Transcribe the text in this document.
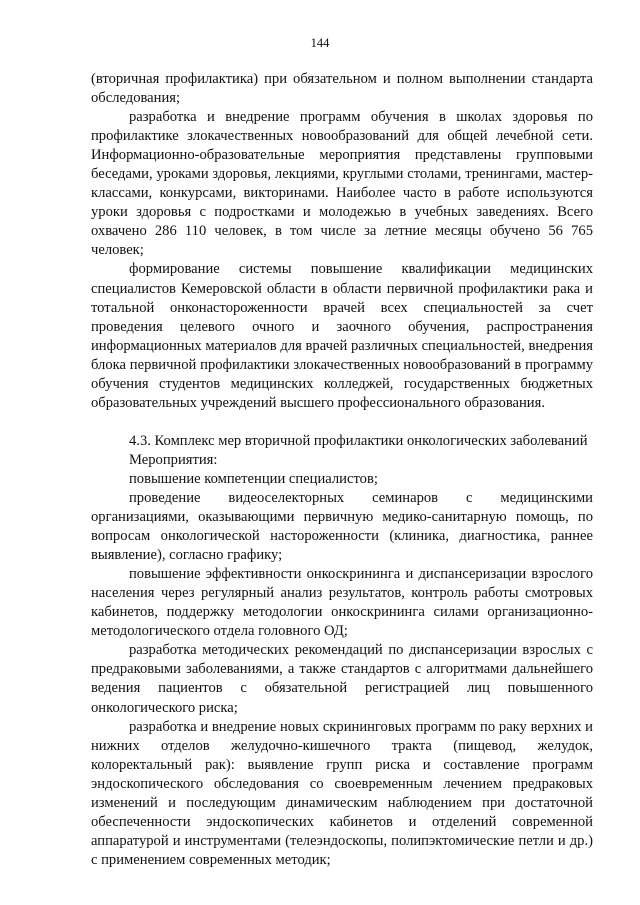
144

(вторичная профилактика) при обязательном и полном выполнении стандарта обследования;

разработка и внедрение программ обучения в школах здоровья по профилактике злокачественных новообразований для общей лечебной сети. Информационно-образовательные мероприятия представлены групповыми беседами, уроками здоровья, лекциями, круглыми столами, тренингами, мастер-классами, конкурсами, викторинами. Наиболее часто в работе используются уроки здоровья с подростками и молодежью в учебных заведениях. Всего охвачено 286 110 человек, в том числе за летние месяцы обучено 56 765 человек;

формирование системы повышение квалификации медицинских специалистов Кемеровской области в области первичной профилактики рака и тотальной онконастороженности врачей всех специальностей за счет проведения целевого очного и заочного обучения, распространения информационных материалов для врачей различных специальностей, внедрения блока первичной профилактики злокачественных новообразований в программу обучения студентов медицинских колледжей, государственных бюджетных образовательных учреждений высшего профессионального образования.

4.3. Комплекс мер вторичной профилактики онкологических заболеваний

Мероприятия:

повышение компетенции специалистов;

проведение видеоселекторных семинаров с медицинскими организациями, оказывающими первичную медико-санитарную помощь, по вопросам онкологической настороженности (клиника, диагностика, раннее выявление), согласно графику;

повышение эффективности онкоскрининга и диспансеризации взрослого населения через регулярный анализ результатов, контроль работы смотровых кабинетов, поддержку методологии онкоскрининга силами организационно-методологического отдела головного ОД;

разработка методических рекомендаций по диспансеризации взрослых с предраковыми заболеваниями, а также стандартов с алгоритмами дальнейшего ведения пациентов с обязательной регистрацией лиц повышенного онкологического риска;

разработка и внедрение новых скрининговых программ по раку верхних и нижних отделов желудочно-кишечного тракта (пищевод, желудок, колоректальный рак): выявление групп риска и составление программ эндоскопического обследования со своевременным лечением предраковых изменений и последующим динамическим наблюдением при достаточной обеспеченности эндоскопических кабинетов и отделений современной аппаратурой и инструментами (телеэндоскопы, полипэктомические петли и др.) с применением современных методик;
